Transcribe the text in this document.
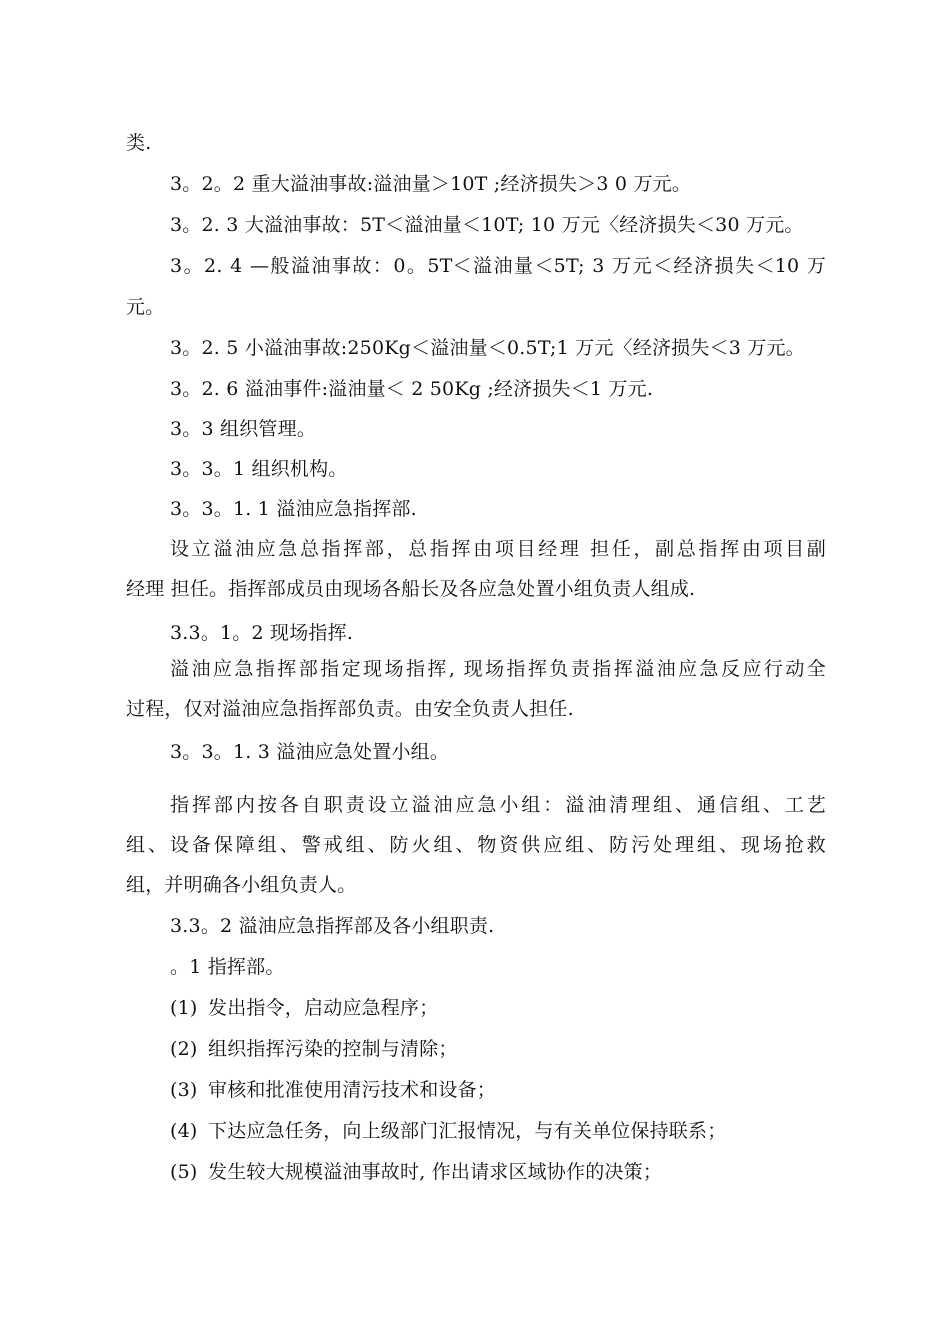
类.
3。2。2 重大溢油事故:溢油量＞10T ;经济损失＞3 0 万元。
3。2. 3 大溢油事故：5T＜溢油量＜10T; 10 万元〈经济损失＜30 万元。
3。2. 4 —般溢油事故：0。5T＜溢油量＜5T; 3 万元＜经济损失＜10 万
元。
3。2. 5 小溢油事故:250Kg＜溢油量＜0.5T;1 万元〈经济损失＜3 万元。
3。2. 6 溢油事件:溢油量＜ 2 50Kg ;经济损失＜1 万元.
3。3 组织管理。
3。3。1 组织机构。
3。3。1. 1 溢油应急指挥部.
设立溢油应急总指挥部，总指挥由项目经理 担任，副总指挥由项目副
经理 担任。指挥部成员由现场各船长及各应急处置小组负责人组成.
3.3。1。2 现场指挥.
溢油应急指挥部指定现场指挥, 现场指挥负责指挥溢油应急反应行动全
过程，仅对溢油应急指挥部负责。由安全负责人担任.
3。3。1. 3 溢油应急处置小组。
指挥部内按各自职责设立溢油应急小组：溢油清理组、通信组、工艺
组、设备保障组、警戒组、防火组、物资供应组、防污处理组、现场抢救
组，并明确各小组负责人。
3.3。2 溢油应急指挥部及各小组职责.
。1 指挥部。
(1) 发出指令，启动应急程序；
(2) 组织指挥污染的控制与清除；
(3) 审核和批准使用清污技术和设备；
(4) 下达应急任务，向上级部门汇报情况，与有关单位保持联系；
(5) 发生较大规模溢油事故时, 作出请求区域协作的决策；
